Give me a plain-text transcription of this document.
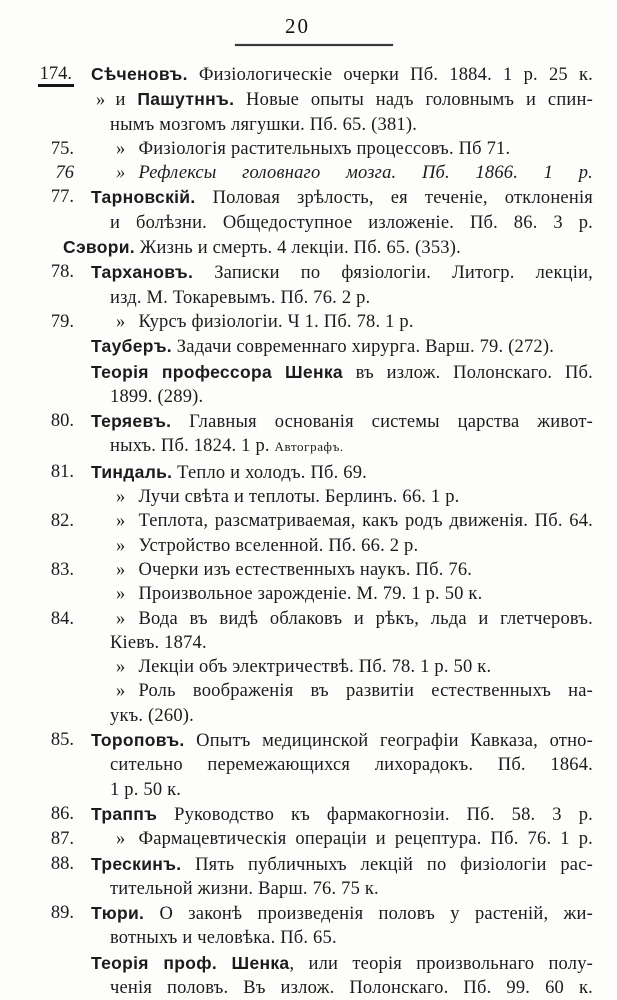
20
174. Сѣченовъ. Физіологическіе очерки Пб. 1884. 1 р. 25 к.
» и Пашутннъ. Новые опыты надъ головнымъ и спин-
нымъ мозгомъ лягушки. Пб. 65. (381).
75.	» Физіологія растительныхъ процессовъ. Пб 71.
76	» Рефлексы головнаго мозга. Пб. 1866. 1 р.
77. Тарновскій. Половая зрѣлость, ея теченіе, отклоненія
и болѣзни. Общедоступное изложеніе. Пб. 86. 3 р.
Сэвори. Жизнь и смерть. 4 лекціи. Пб. 65. (353).
78. Тархановъ. Записки по фязіологіи. Литогр. лекціи,
изд. М. Токаревымъ. Пб. 76. 2 р.
79.	» Курсъ физіологіи. Ч 1. Пб. 78. 1 р.
Тауберъ. Задачи современнаго хирурга. Варш. 79. (272).
Теорія профессора Шенка въ излож. Полонскаго. Пб.
1899. (289).
80. Теряевъ. Главныя основанія системы царства живот-
ныхъ. Пб. 1824. 1 р. Автографъ.
81. Тиндаль. Тепло и холодъ. Пб. 69.
» Лучи свѣта и теплоты. Берлинъ. 66. 1 р.
82.	» Теплота, разсматриваемая, какъ родъ движенія. Пб. 64.
» Устройство вселенной. Пб. 66. 2 р.
83.	» Очерки изъ естественныхъ наукъ. Пб. 76.
» Произвольное зарожденіе. М. 79. 1 р. 50 к.
84.	» Вода въ видѣ облаковъ и рѣкъ, льда и глетчеровъ.
Кіевъ. 1874.
» Лекціи объ электричествѣ. Пб. 78. 1 р. 50 к.
» Роль воображенія въ развитіи естественныхъ на-
укъ. (260).
85. Тороповъ. Опытъ медицинской географіи Кавказа, отно-
сительно перемежающихся лихорадокъ. Пб. 1864.
1 р. 50 к.
86. Траппъ Руководство къ фармакогнозіи. Пб. 58. 3 р.
87.	» Фармацевтическія операціи и рецептура. Пб. 76. 1 р.
88. Трескинъ. Пять публичныхъ лекцій по физіологіи рас-
тительной жизни. Варш. 76. 75 к.
89. Тюри. О законѣ произведенія половъ у растеній, жи-
вотныхъ и человѣка. Пб. 65.
Теорія проф. Шенка, или теорія произвольнаго полу-
ченія половъ. Въ излож. Полонскаго. Пб. 99. 60 к.
